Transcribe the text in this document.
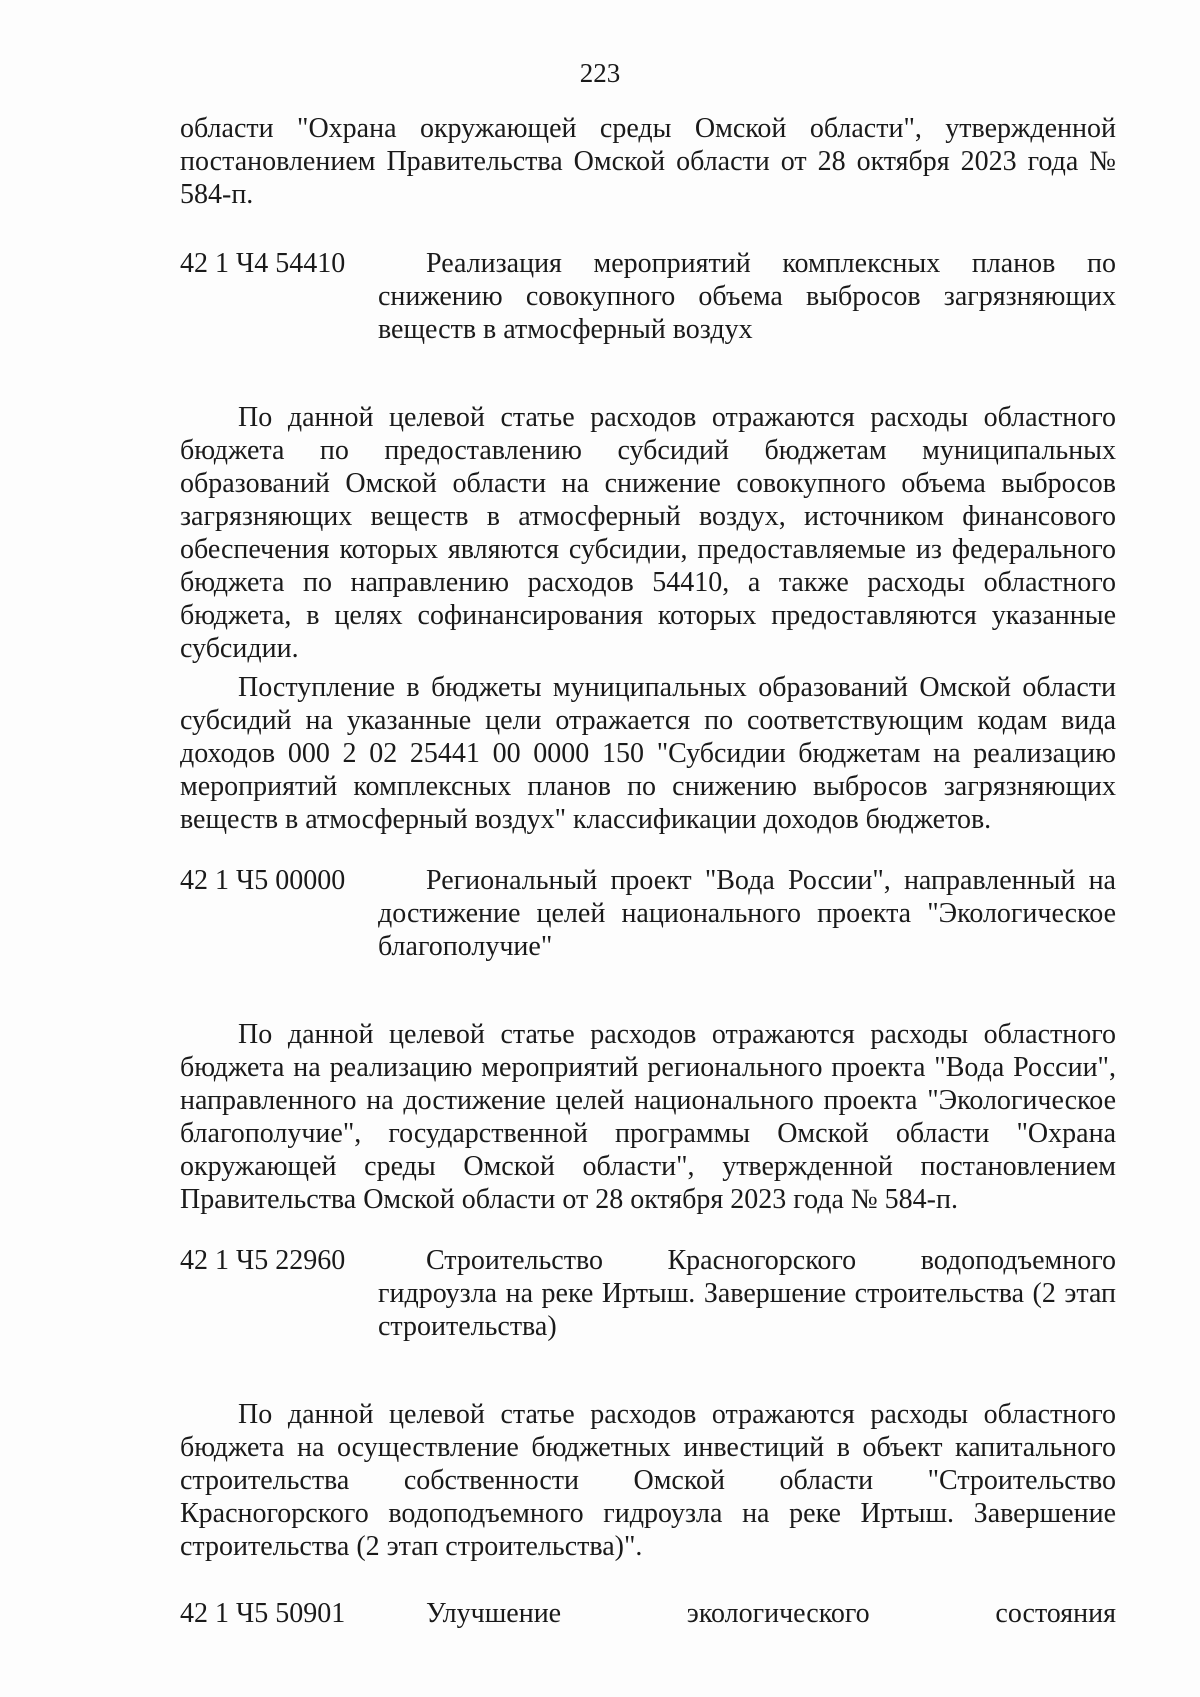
223

области "Охрана окружающей среды Омской области", утвержденной постановлением Правительства Омской области от 28 октября 2023 года № 584-п.

42 1 Ч4 54410	Реализация мероприятий комплексных планов по снижению совокупного объема выбросов загрязняющих веществ в атмосферный воздух

По данной целевой статье расходов отражаются расходы областного бюджета по предоставлению субсидий бюджетам муниципальных образований Омской области на снижение совокупного объема выбросов загрязняющих веществ в атмосферный воздух, источником финансового обеспечения которых являются субсидии, предоставляемые из федерального бюджета по направлению расходов 54410, а также расходы областного бюджета, в целях софинансирования которых предоставляются указанные субсидии.

Поступление в бюджеты муниципальных образований Омской области субсидий на указанные цели отражается по соответствующим кодам вида доходов 000 2 02 25441 00 0000 150 "Субсидии бюджетам на реализацию мероприятий комплексных планов по снижению выбросов загрязняющих веществ в атмосферный воздух" классификации доходов бюджетов.

42 1 Ч5 00000	Региональный проект "Вода России", направленный на достижение целей национального проекта "Экологическое благополучие"

По данной целевой статье расходов отражаются расходы областного бюджета на реализацию мероприятий регионального проекта "Вода России", направленного на достижение целей национального проекта "Экологическое благополучие", государственной программы Омской области "Охрана окружающей среды Омской области", утвержденной постановлением Правительства Омской области от 28 октября 2023 года № 584-п.

42 1 Ч5 22960	Строительство Красногорского водоподъемного гидроузла на реке Иртыш. Завершение строительства (2 этап строительства)

По данной целевой статье расходов отражаются расходы областного бюджета на осуществление бюджетных инвестиций в объект капитального строительства собственности Омской области "Строительство Красногорского водоподъемного гидроузла на реке Иртыш. Завершение строительства (2 этап строительства)".

42 1 Ч5 50901	Улучшение экологического состояния
